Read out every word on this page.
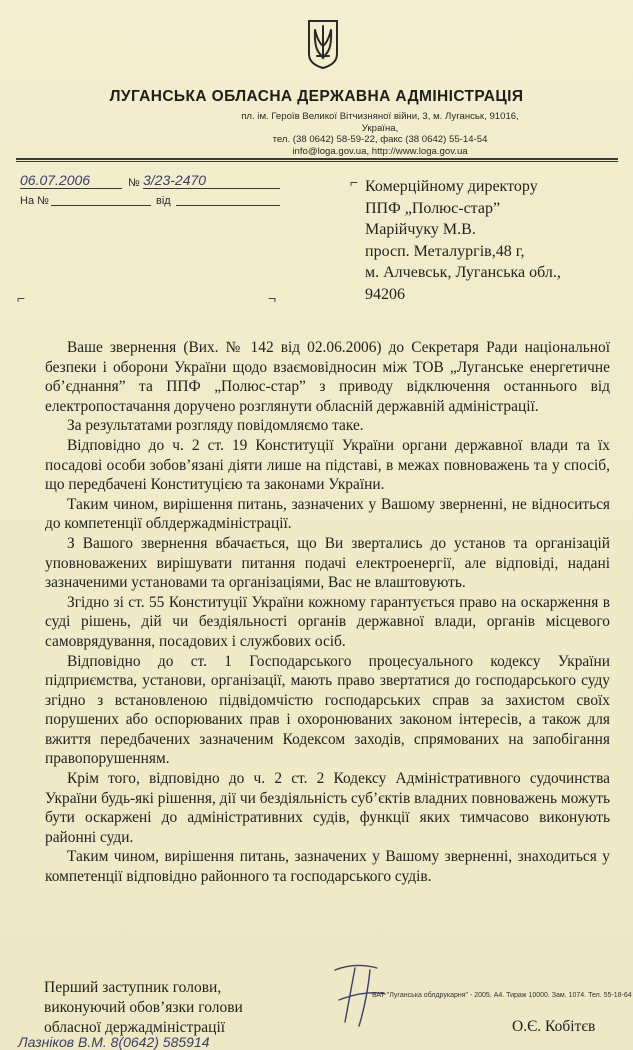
ЛУГАНСЬКА ОБЛАСНА ДЕРЖАВНА АДМІНІСТРАЦІЯ
пл. ім. Героїв Великої Вітчизняної війни, 3, м. Луганськ, 91016, Україна,
тел. (38 0642) 58-59-22, факс (38 0642) 55-14-54
info@loga.gov.ua, http://www.loga.gov.ua
06.07.2006	№ 3/23-2470
На №	від
⌐ Комерційному директору
ППФ „Полюс-стар”
Марійчуку М.В.
просп. Металургів,48 г,
м. Алчевськ, Луганська обл.,
94206
⌐	¬

Ваше звернення (Вих. № 142 від 02.06.2006) до Секретаря Ради національної безпеки і оборони України щодо взаємовідносин між ТОВ „Луганське енергетичне об’єднання” та ППФ „Полюс-стар” з приводу відключення останнього від електропостачання доручено розглянути обласній державній адміністрації.

За результатами розгляду повідомляємо таке.

Відповідно до ч. 2 ст. 19 Конституції України органи державної влади та їх посадові особи зобов’язані діяти лише на підставі, в межах повноважень та у спосіб, що передбачені Конституцією та законами України.

Таким чином, вирішення питань, зазначених у Вашому зверненні, не відноситься до компетенції облдержадміністрації.

З Вашого звернення вбачається, що Ви звертались до установ та організацій уповноважених вирішувати питання подачі електроенергії, але відповіді, надані зазначеними установами та організаціями, Вас не влаштовують.

Згідно зі ст. 55 Конституції України кожному гарантується право на оскарження в суді рішень, дій чи бездіяльності органів державної влади, органів місцевого самоврядування, посадових і службових осіб.

Відповідно до ст. 1 Господарського процесуального кодексу України підприємства, установи, організації, мають право звертатися до господарського суду згідно з встановленою підвідомчістю господарських справ за захистом своїх порушених або оспорюваних прав і охоронюваних законом інтересів, а також для вжиття передбачених зазначеним Кодексом заходів, спрямованих на запобігання правопорушенням.

Крім того, відповідно до ч. 2 ст. 2 Кодексу Адміністративного судочинства України будь-які рішення, дії чи бездіяльність суб’єктів владних повноважень можуть бути оскаржені до адміністративних судів, функції яких тимчасово виконують районні суди.

Таким чином, вирішення питань, зазначених у Вашому зверненні, знаходиться у компетенції відповідно районного та господарського судів.

Перший заступник голови,
виконуючий обов’язки голови
обласної держадміністрації
ВАТ "Луганська облдрукарня" - 2005. А4. Тираж 10000. Зам. 1074. Тел. 55-18-64
О.Є. Кобітєв
Лазніков В.М. 8(0642) 585914
